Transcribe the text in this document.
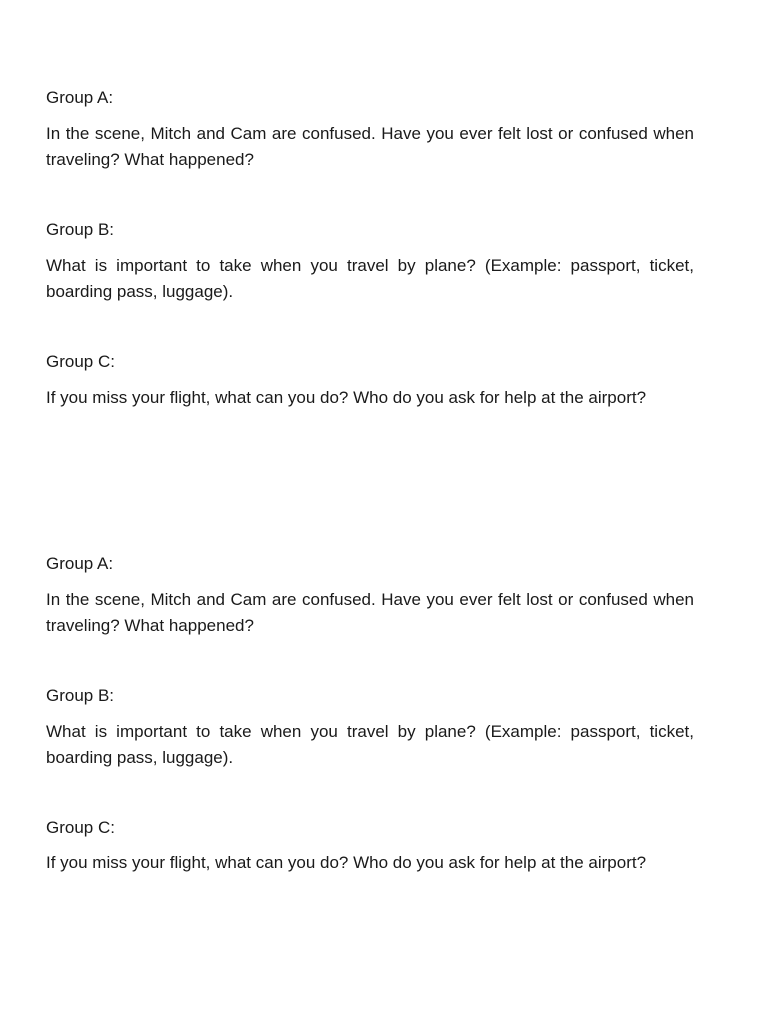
Group A:

In the scene, Mitch and Cam are confused. Have you ever felt lost or confused when traveling? What happened?

Group B:

What is important to take when you travel by plane? (Example: passport, ticket, boarding pass, luggage).

Group C:

If you miss your flight, what can you do? Who do you ask for help at the airport?

Group A:

In the scene, Mitch and Cam are confused. Have you ever felt lost or confused when traveling? What happened?

Group B:

What is important to take when you travel by plane? (Example: passport, ticket, boarding pass, luggage).

Group C:

If you miss your flight, what can you do? Who do you ask for help at the airport?
